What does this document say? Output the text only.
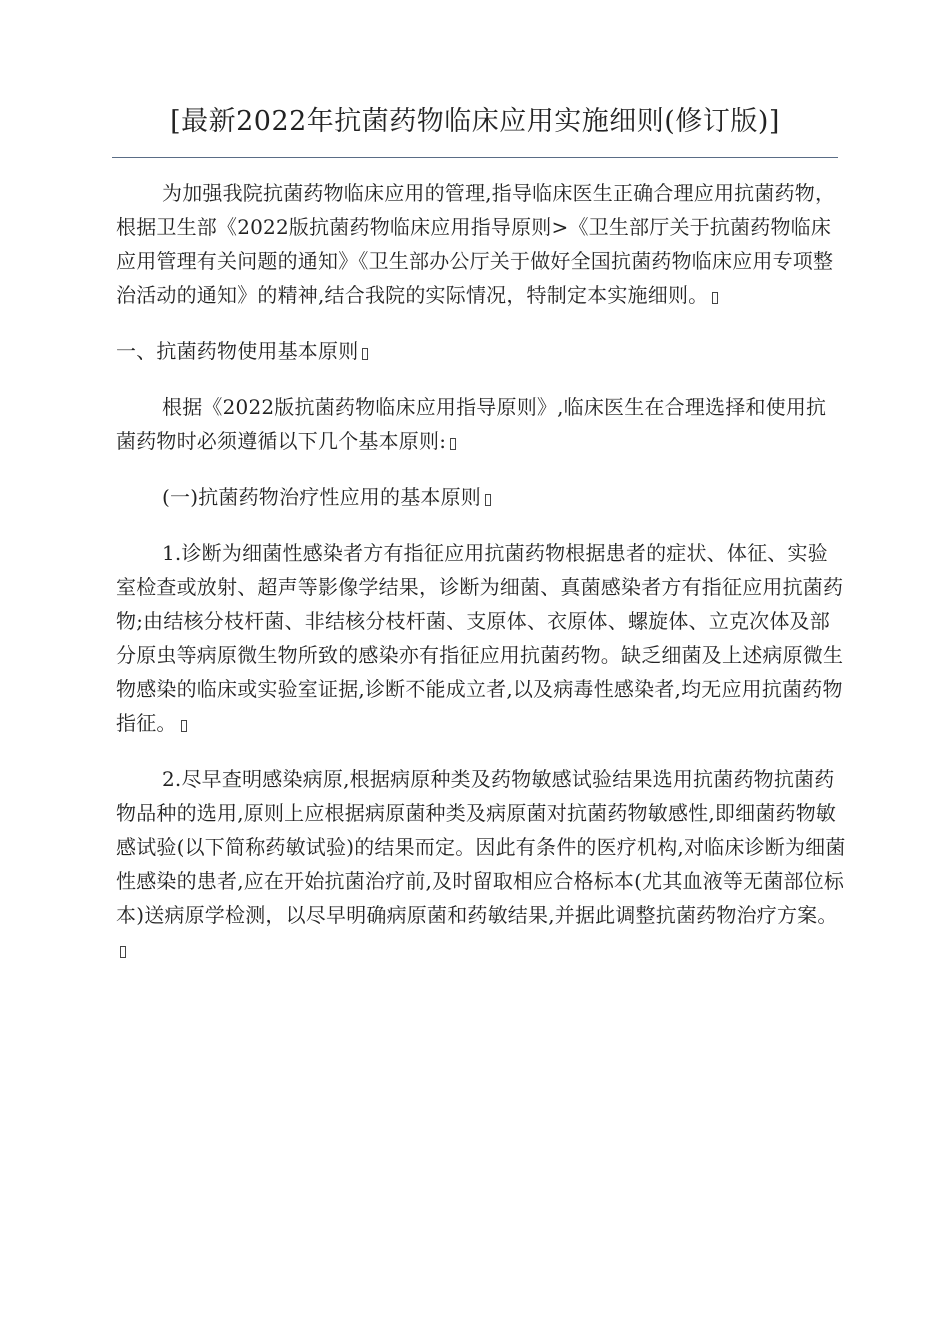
[最新2022年抗菌药物临床应用实施细则(修订版)]

为加强我院抗菌药物临床应用的管理,指导临床医生正确合理应用抗菌药物，根据卫生部《2022版抗菌药物临床应用指导原则>《卫生部厅关于抗菌药物临床应用管理有关问题的通知》《卫生部办公厅关于做好全国抗菌药物临床应用专项整治活动的通知》的精神,结合我院的实际情况，特制定本实施细则。

一、抗菌药物使用基本原则

根据《2022版抗菌药物临床应用指导原则》,临床医生在合理选择和使用抗菌药物时必须遵循以下几个基本原则:

(一)抗菌药物治疗性应用的基本原则

1.诊断为细菌性感染者方有指征应用抗菌药物根据患者的症状、体征、实验室检查或放射、超声等影像学结果，诊断为细菌、真菌感染者方有指征应用抗菌药物;由结核分枝杆菌、非结核分枝杆菌、支原体、衣原体、螺旋体、立克次体及部分原虫等病原微生物所致的感染亦有指征应用抗菌药物。缺乏细菌及上述病原微生物感染的临床或实验室证据,诊断不能成立者,以及病毒性感染者,均无应用抗菌药物指征。

2.尽早查明感染病原,根据病原种类及药物敏感试验结果选用抗菌药物抗菌药物品种的选用,原则上应根据病原菌种类及病原菌对抗菌药物敏感性,即细菌药物敏感试验(以下简称药敏试验)的结果而定。因此有条件的医疗机构,对临床诊断为细菌性感染的患者,应在开始抗菌治疗前,及时留取相应合格标本(尤其血液等无菌部位标本)送病原学检测，以尽早明确病原菌和药敏结果,并据此调整抗菌药物治疗方案。
